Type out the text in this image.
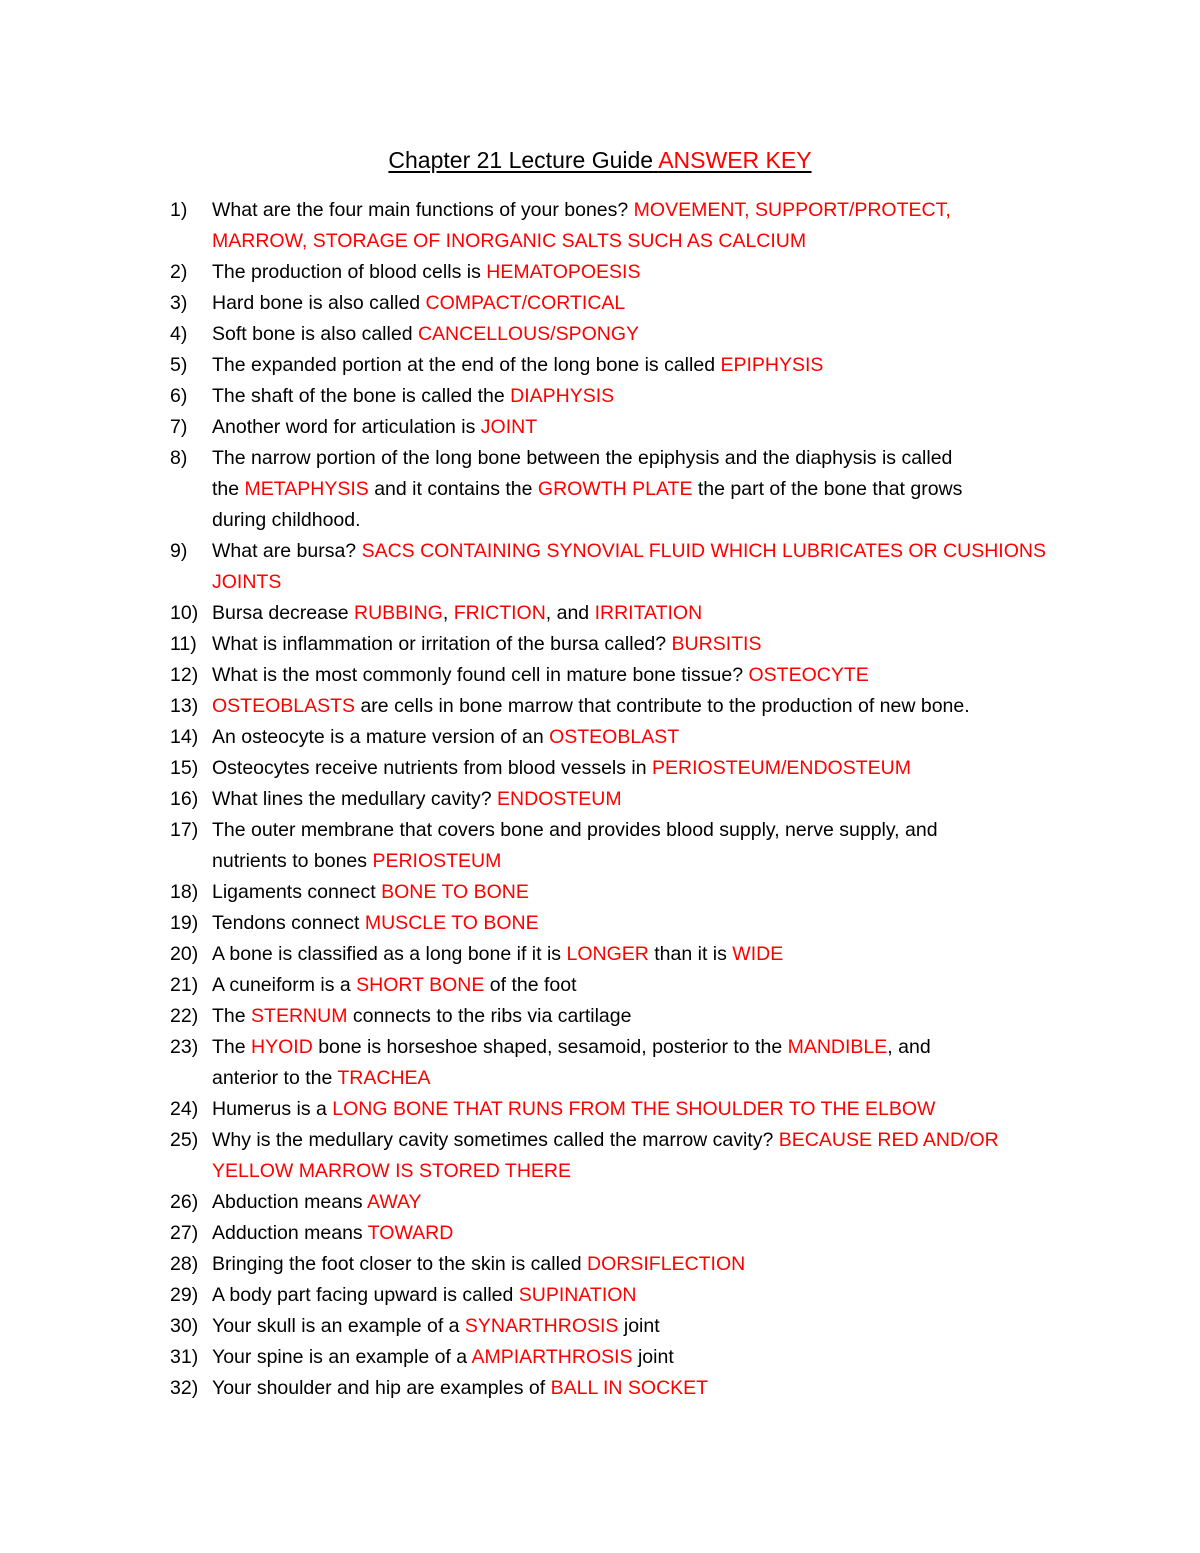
Chapter 21 Lecture Guide ANSWER KEY
1) What are the four main functions of your bones? MOVEMENT, SUPPORT/PROTECT,
MARROW, STORAGE OF INORGANIC SALTS SUCH AS CALCIUM
2) The production of blood cells is HEMATOPOESIS
3) Hard bone is also called COMPACT/CORTICAL
4) Soft bone is also called CANCELLOUS/SPONGY
5) The expanded portion at the end of the long bone is called EPIPHYSIS
6) The shaft of the bone is called the DIAPHYSIS
7) Another word for articulation is JOINT
8) The narrow portion of the long bone between the epiphysis and the diaphysis is called
the METAPHYSIS and it contains the GROWTH PLATE the part of the bone that grows
during childhood.
9) What are bursa? SACS CONTAINING SYNOVIAL FLUID WHICH LUBRICATES OR CUSHIONS
JOINTS
10) Bursa decrease RUBBING, FRICTION, and IRRITATION
11) What is inflammation or irritation of the bursa called? BURSITIS
12) What is the most commonly found cell in mature bone tissue? OSTEOCYTE
13) OSTEOBLASTS are cells in bone marrow that contribute to the production of new bone.
14) An osteocyte is a mature version of an OSTEOBLAST
15) Osteocytes receive nutrients from blood vessels in PERIOSTEUM/ENDOSTEUM
16) What lines the medullary cavity? ENDOSTEUM
17) The outer membrane that covers bone and provides blood supply, nerve supply, and
nutrients to bones PERIOSTEUM
18) Ligaments connect BONE TO BONE
19) Tendons connect MUSCLE TO BONE
20) A bone is classified as a long bone if it is LONGER than it is WIDE
21) A cuneiform is a SHORT BONE of the foot
22) The STERNUM connects to the ribs via cartilage
23) The HYOID bone is horseshoe shaped, sesamoid, posterior to the MANDIBLE, and
anterior to the TRACHEA
24) Humerus is a LONG BONE THAT RUNS FROM THE SHOULDER TO THE ELBOW
25) Why is the medullary cavity sometimes called the marrow cavity? BECAUSE RED AND/OR
YELLOW MARROW IS STORED THERE
26) Abduction means AWAY
27) Adduction means TOWARD
28) Bringing the foot closer to the skin is called DORSIFLECTION
29) A body part facing upward is called SUPINATION
30) Your skull is an example of a SYNARTHROSIS joint
31) Your spine is an example of a AMPIARTHROSIS joint
32) Your shoulder and hip are examples of BALL IN SOCKET
